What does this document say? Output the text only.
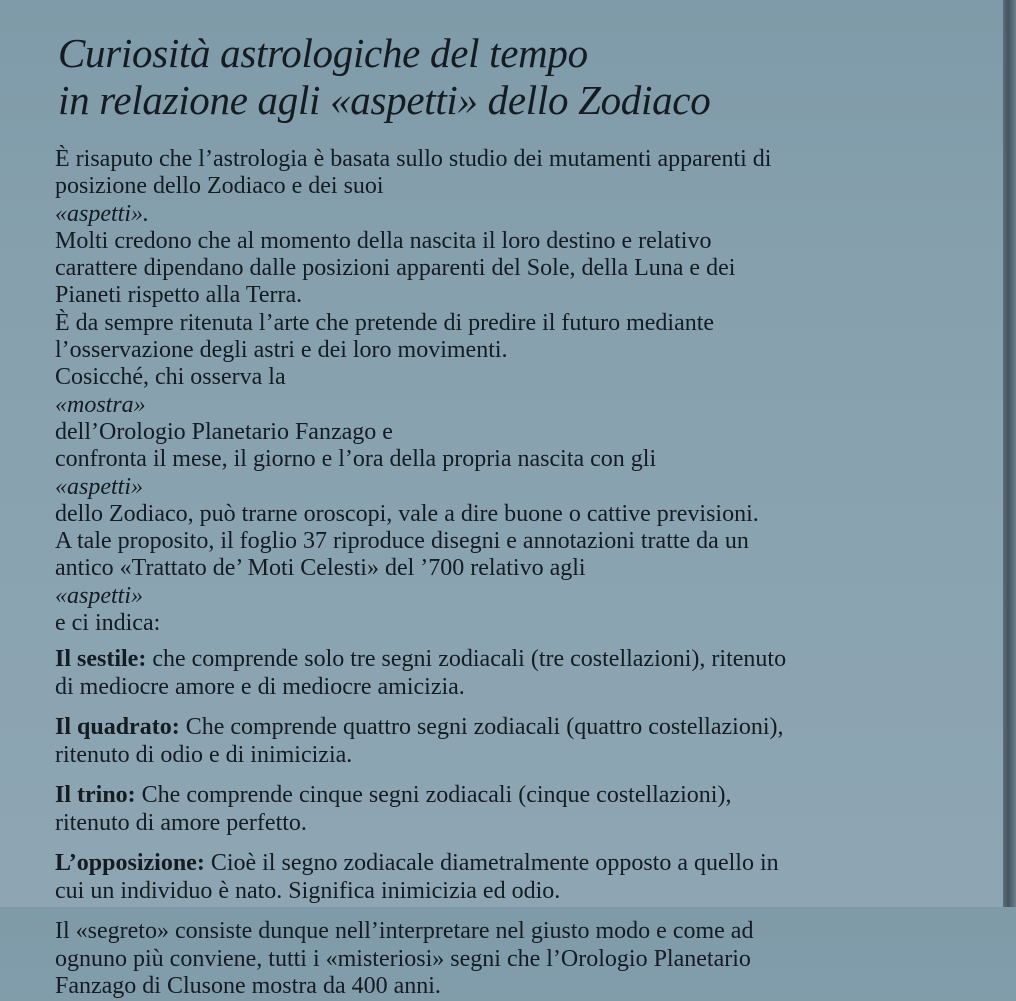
Curiosità astrologiche del tempo
in relazione agli «aspetti» dello Zodiaco

È risaputo che l’astrologia è basata sullo studio dei mutamenti apparenti di
posizione dello Zodiaco e dei suoi
«aspetti».
Molti credono che al momento della nascita il loro destino e relativo
carattere dipendano dalle posizioni apparenti del Sole, della Luna e dei
Pianeti rispetto alla Terra.
È da sempre ritenuta l’arte che pretende di predire il futuro mediante
l’osservazione degli astri e dei loro movimenti.
Cosicché, chi osserva la
«mostra»
dell’Orologio Planetario Fanzago e
confronta il mese, il giorno e l’ora della propria nascita con gli
«aspetti»
dello Zodiaco, può trarne oroscopi, vale a dire buone o cattive previsioni.
A tale proposito, il foglio 37 riproduce disegni e annotazioni tratte da un
antico «Trattato de’ Moti Celesti» del ’700 relativo agli
«aspetti»
e ci indica:

Il sestile: che comprende solo tre segni zodiacali (tre costellazioni), ritenuto
di mediocre amore e di mediocre amicizia.

Il quadrato: Che comprende quattro segni zodiacali (quattro costellazioni),
ritenuto di odio e di inimicizia.

Il trino: Che comprende cinque segni zodiacali (cinque costellazioni),
ritenuto di amore perfetto.

L’opposizione: Cioè il segno zodiacale diametralmente opposto a quello in
cui un individuo è nato. Significa inimicizia ed odio.

Il «segreto» consiste dunque nell’interpretare nel giusto modo e come ad
ognuno più conviene, tutti i «misteriosi» segni che l’Orologio Planetario
Fanzago di Clusone mostra da 400 anni.
